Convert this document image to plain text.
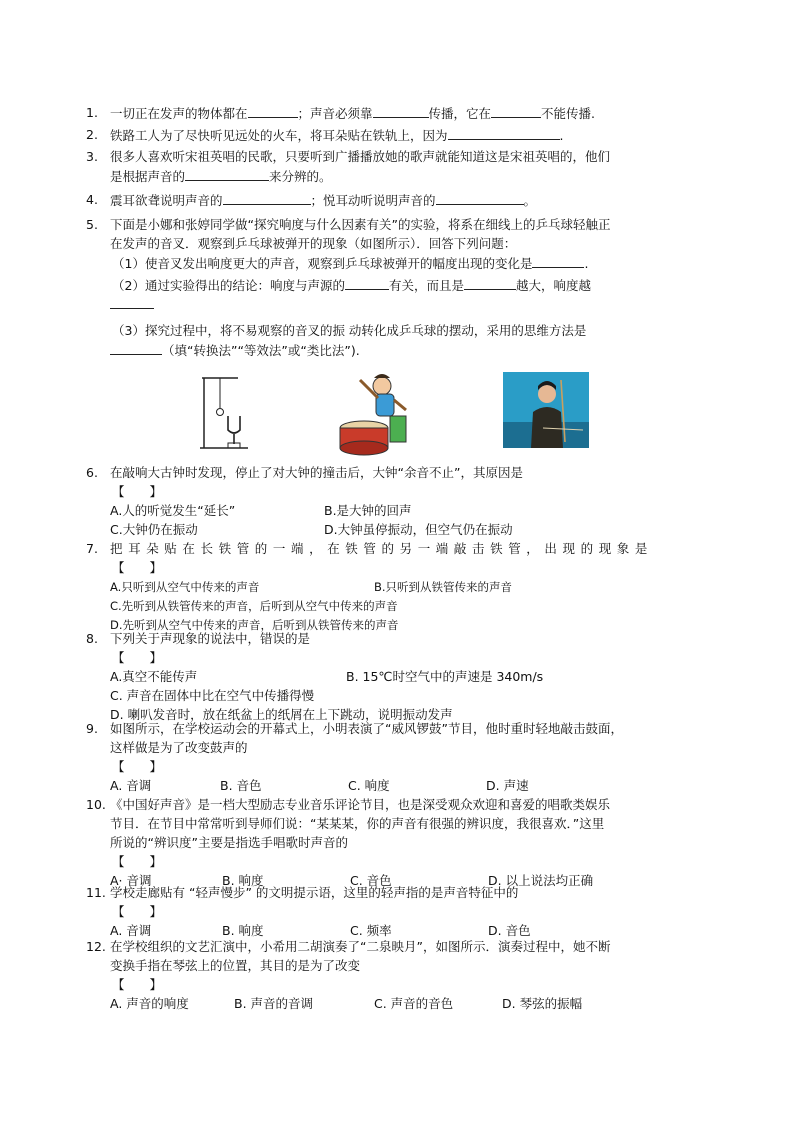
1. 一切正在发声的物体都在	；声音必须靠	传播，它在	不能传播.
2. 铁路工人为了尽快听见远处的火车，将耳朵贴在铁轨上，因为	.
3. 很多人喜欢听宋祖英唱的民歌，只要听到广播播放她的歌声就能知道这是宋祖英唱的，他们
是根据声音的	来分辨的。
4. 震耳欲聋说明声音的	；悦耳动听说明声音的	。
5. 下面是小娜和张婷同学做“探究响度与什么因素有关”的实验，将系在细线上的乒乓球轻触正
在发声的音叉．观察到乒乓球被弹开的现象（如图所示）．回答下列问题：
（1）使音叉发出响度更大的声音，观察到乒乓球被弹开的幅度出现的变化是	.
（2）通过实验得出的结论：响度与声源的	有关，而且是	越大，响度越
（3）探究过程中，将不易观察的音叉的振 动转化成乒乓球的摆动，采用的思维方法是
（填“转换法”“等效法”或“类比法”).
6. 在敲响大古钟时发现，停止了对大钟的撞击后，大钟“余音不止”，其原因是
【　　】
A.人的听觉发生“延长”	B.是大钟的回声
C.大钟仍在振动	D.大钟虽停振动，但空气仍在振动
7. 把耳朵贴在长铁管的一端，在铁管的另一端敲击铁管，出现的现象是
【　　】
A.只听到从空气中传来的声音	B.只听到从铁管传来的声音
C.先听到从铁管传来的声音，后听到从空气中传来的声音
D.先听到从空气中传来的声音，后听到从铁管传来的声音
8. 下列关于声现象的说法中，错误的是
【　　】
A.真空不能传声	B. 15℃时空气中的声速是 340m/s
C. 声音在固体中比在空气中传播得慢
D. 喇叭发音时，放在纸盆上的纸屑在上下跳动，说明振动发声
9. 如图所示，在学校运动会的开幕式上，小明表演了“威风锣鼓”节目，他时重时轻地敲击鼓面，
这样做是为了改变鼓声的
【　　】
A. 音调	B. 音色	C. 响度	D. 声速
10. 《中国好声音》是一档大型励志专业音乐评论节目，也是深受观众欢迎和喜爱的唱歌类娱乐
节目．在节目中常常听到导师们说：“某某某，你的声音有很强的辨识度，我很喜欢．”这里
所说的“辨识度”主要是指选手唱歌时声音的
【　　】
A· 音调	B. 响度	C. 音色	D. 以上说法均正确
11. 学校走廊贴有 “轻声慢步” 的文明提示语，这里的轻声指的是声音特征中的
【　　】
A. 音调	B. 响度	C. 频率	D. 音色
12. 在学校组织的文艺汇演中，小希用二胡演奏了“二泉映月”，如图所示．演奏过程中，她不断
变换手指在琴弦上的位置，其目的是为了改变
【　　】
A. 声音的响度	B. 声音的音调	C. 声音的音色	D. 琴弦的振幅
